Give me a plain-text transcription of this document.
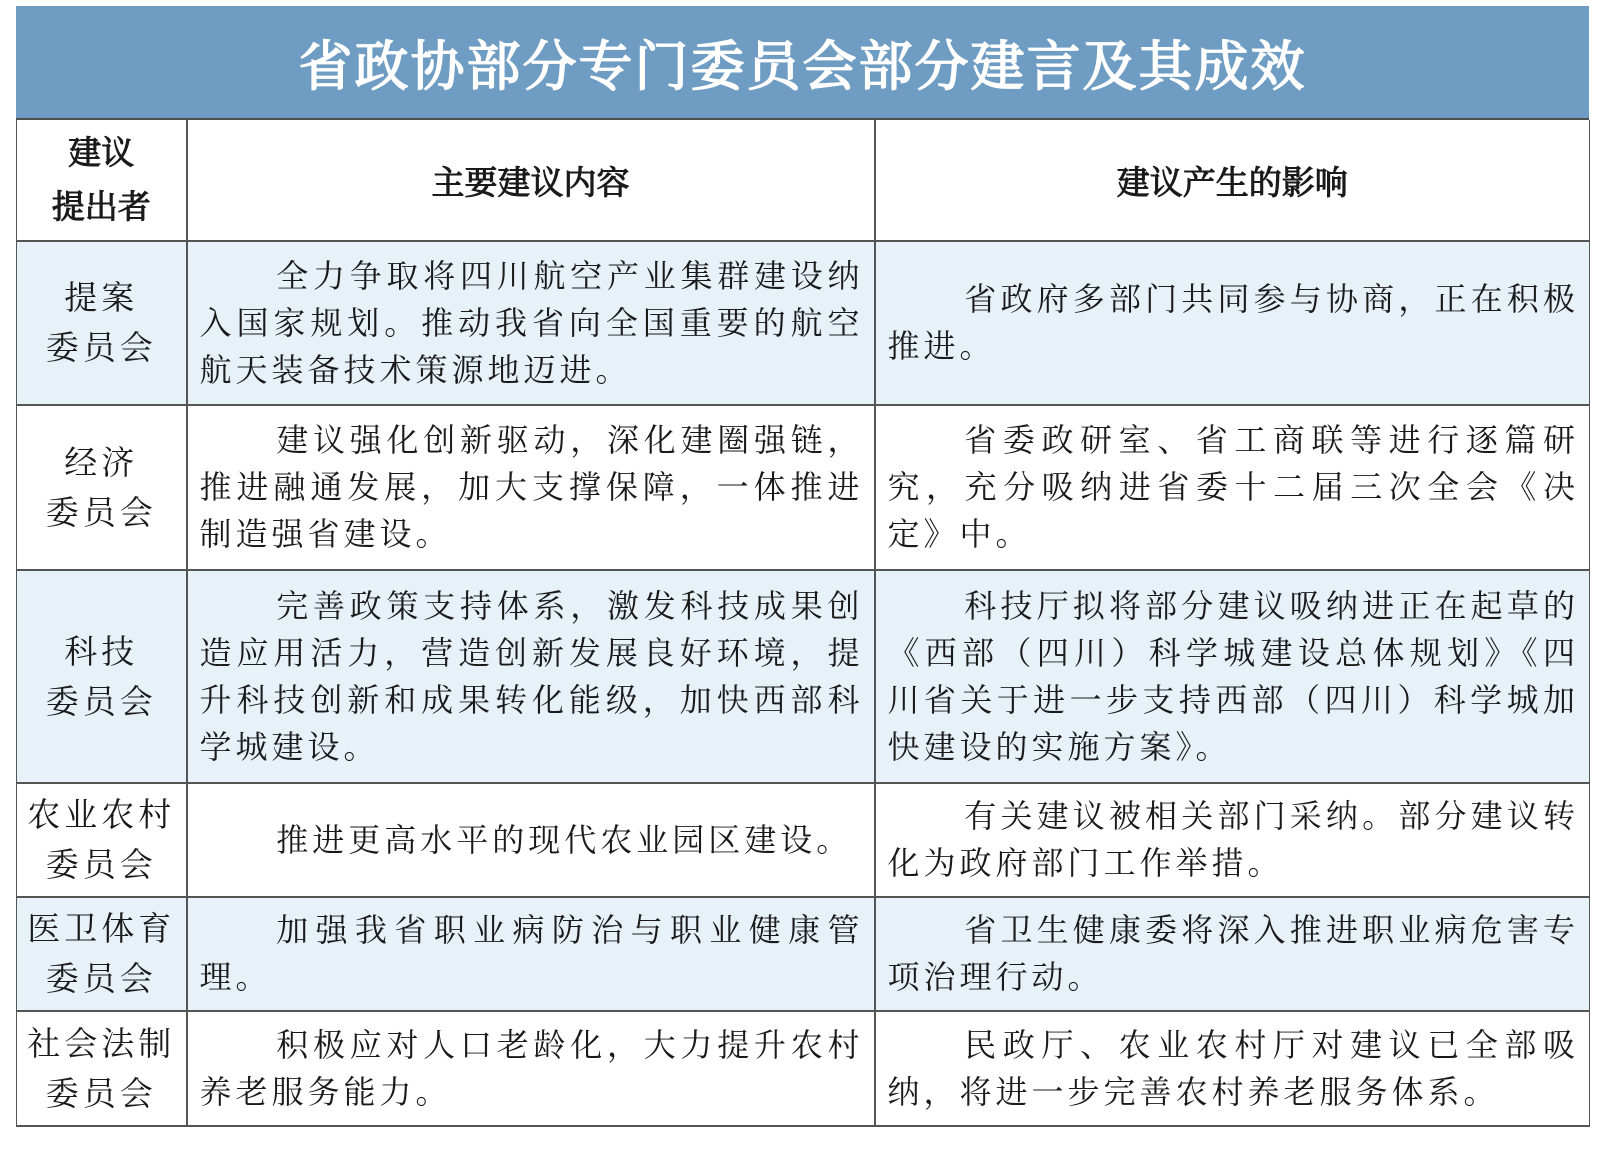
省政协部分专门委员会部分建言及其成效
建议
提出者	主要建议内容	建议产生的影响

提案
委员会	全力争取将四川航空产业集群建设纳入国家规划。推动我省向全国重要的航空航天装备技术策源地迈进。	省政府多部门共同参与协商，正在积极推进。

经济
委员会	建议强化创新驱动，深化建圈强链，推进融通发展，加大支撑保障，一体推进制造强省建设。	省委政研室、省工商联等进行逐篇研究，充分吸纳进省委十二届三次全会《决定》中。

科技
委员会	完善政策支持体系，激发科技成果创造应用活力，营造创新发展良好环境，提升科技创新和成果转化能级，加快西部科学城建设。	科技厅拟将部分建议吸纳进正在起草的《西部（四川）科学城建设总体规划》《四川省关于进一步支持西部（四川）科学城加快建设的实施方案》。

农业农村
委员会	推进更高水平的现代农业园区建设。	有关建议被相关部门采纳。部分建议转化为政府部门工作举措。

医卫体育
委员会	加强我省职业病防治与职业健康管理。	省卫生健康委将深入推进职业病危害专项治理行动。

社会法制
委员会	积极应对人口老龄化，大力提升农村养老服务能力。	民政厅、农业农村厅对建议已全部吸纳，将进一步完善农村养老服务体系。
